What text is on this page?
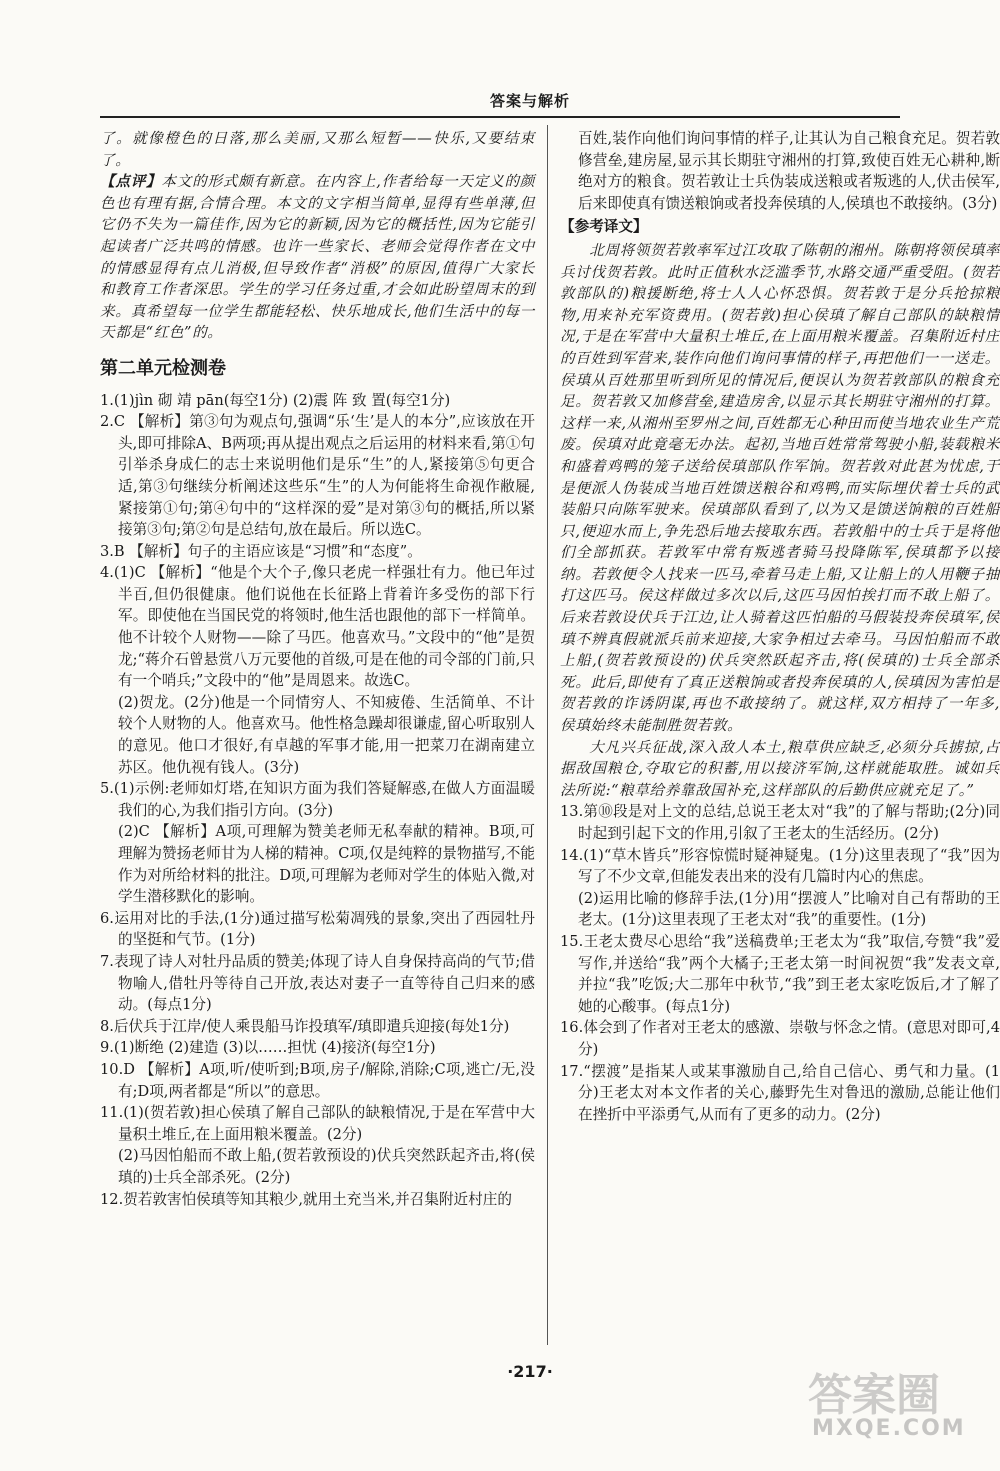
答案与解析

了。就像橙色的日落,那么美丽,又那么短暂——快乐,又要结束了。

【点评】本文的形式颇有新意。在内容上,作者给每一天定义的颜色也有理有据,合情合理。本文的文字相当简单,显得有些单薄,但它仍不失为一篇佳作,因为它的新颖,因为它的概括性,因为它能引起读者广泛共鸣的情感。也许一些家长、老师会觉得作者在文中的情感显得有点儿消极,但导致作者“消极”的原因,值得广大家长和教育工作者深思。学生的学习任务过重,才会如此盼望周末的到来。真希望每一位学生都能轻松、快乐地成长,他们生活中的每一天都是“红色”的。

第二单元检测卷

1.(1)jìn 砌 靖 pān(每空1分) (2)震 阵 致 置(每空1分)

2.C 【解析】第③句为观点句,强调“乐‘生’是人的本分”,应该放在开头,即可排除A、B两项;再从提出观点之后运用的材料来看,第①句引举杀身成仁的志士来说明他们是乐“生”的人,紧接第⑤句更合适,第③句继续分析阐述这些乐“生”的人为何能将生命视作敝屣,紧接第①句;第④句中的“这样深的爱”是对第③句的概括,所以紧接第③句;第②句是总结句,放在最后。所以选C。

3.B 【解析】句子的主语应该是“习惯”和“态度”。

4.(1)C 【解析】“他是个大个子,像只老虎一样强壮有力。他已年过半百,但仍很健康。他们说他在长征路上背着许多受伤的部下行军。即使他在当国民党的将领时,他生活也跟他的部下一样简单。他不计较个人财物——除了马匹。他喜欢马。”文段中的“他”是贺龙;“蒋介石曾悬赏八万元要他的首级,可是在他的司令部的门前,只有一个哨兵;”文段中的“他”是周恩来。故选C。

(2)贺龙。(2分)他是一个同情穷人、不知疲倦、生活简单、不计较个人财物的人。他喜欢马。他性格急躁却很谦虚,留心听取别人的意见。他口才很好,有卓越的军事才能,用一把菜刀在湖南建立苏区。他仇视有钱人。(3分)

5.(1)示例:老师如灯塔,在知识方面为我们答疑解惑,在做人方面温暖我们的心,为我们指引方向。(3分)

(2)C 【解析】A项,可理解为赞美老师无私奉献的精神。B项,可理解为赞扬老师甘为人梯的精神。C项,仅是纯粹的景物描写,不能作为对所给材料的批注。D项,可理解为老师对学生的体贴入微,对学生潜移默化的影响。

6.运用对比的手法,(1分)通过描写松菊凋残的景象,突出了西园牡丹的坚挺和气节。(1分)

7.表现了诗人对牡丹品质的赞美;体现了诗人自身保持高尚的气节;借物喻人,借牡丹等待自己开放,表达对妻子一直等待自己归来的感动。(每点1分)

8.后伏兵于江岸/使人乘畏船马诈投瑱军/瑱即遣兵迎接(每处1分)

9.(1)断绝 (2)建造 (3)以……担忧 (4)接济(每空1分)

10.D 【解析】A项,听/使听到;B项,房子/解除,消除;C项,逃亡/无,没有;D项,两者都是“所以”的意思。

11.(1)(贺若敦)担心侯瑱了解自己部队的缺粮情况,于是在军营中大量积土堆丘,在上面用粮米覆盖。(2分)

(2)马因怕船而不敢上船,(贺若敦预设的)伏兵突然跃起齐击,将(侯瑱的)士兵全部杀死。(2分)

12.贺若敦害怕侯瑱等知其粮少,就用土充当米,并召集附近村庄的

百姓,装作向他们询问事情的样子,让其认为自己粮食充足。贺若敦修营垒,建房屋,显示其长期驻守湘州的打算,致使百姓无心耕种,断绝对方的粮食。贺若敦让士兵伪装成送粮或者叛逃的人,伏击侯军,后来即使真有馈送粮饷或者投奔侯瑱的人,侯瑱也不敢接纳。(3分)

【参考译文】

北周将领贺若敦率军过江攻取了陈朝的湘州。陈朝将领侯瑱率兵讨伐贺若敦。此时正值秋水泛滥季节,水路交通严重受阻。(贺若敦部队的)粮援断绝,将士人人心怀恐惧。贺若敦于是分兵抢掠粮物,用来补充军资费用。(贺若敦)担心侯瑱了解自己部队的缺粮情况,于是在军营中大量积土堆丘,在上面用粮米覆盖。召集附近村庄的百姓到军营来,装作向他们询问事情的样子,再把他们一一送走。侯瑱从百姓那里听到所见的情况后,便误认为贺若敦部队的粮食充足。贺若敦又加修营垒,建造房舍,以显示其长期驻守湘州的打算。这样一来,从湘州至罗州之间,百姓都无心种田而使当地农业生产荒废。侯瑱对此竟毫无办法。起初,当地百姓常常驾驶小船,装载粮米和盛着鸡鸭的笼子送给侯瑱部队作军饷。贺若敦对此甚为忧虑,于是便派人伪装成当地百姓馈送粮谷和鸡鸭,而实际埋伏着士兵的武装船只向陈军驶来。侯瑱部队看到了,以为又是馈送饷粮的百姓船只,便迎水而上,争先恐后地去接取东西。若敦船中的士兵于是将他们全部抓获。若敦军中常有叛逃者骑马投降陈军,侯瑱都予以接纳。若敦便令人找来一匹马,牵着马走上船,又让船上的人用鞭子抽打这匹马。侯这样做过多次以后,这匹马因怕挨打而不敢上船了。后来若敦设伏兵于江边,让人骑着这匹怕船的马假装投奔侯瑱军,侯瑱不辨真假就派兵前来迎接,大家争相过去牵马。马因怕船而不敢上船,(贺若敦预设的)伏兵突然跃起齐击,将(侯瑱的)士兵全部杀死。此后,即使有了真正送粮饷或者投奔侯瑱的人,侯瑱因为害怕是贺若敦的诈诱阴谋,再也不敢接纳了。就这样,双方相持了一年多,侯瑱始终未能制胜贺若敦。

大凡兴兵征战,深入敌人本土,粮草供应缺乏,必须分兵掳掠,占据敌国粮仓,夺取它的积蓄,用以接济军饷,这样就能取胜。诚如兵法所说:“粮草给养靠敌国补充,这样部队的后勤供应就充足了。”

13.第⑩段是对上文的总结,总说王老太对“我”的了解与帮助;(2分)同时起到引起下文的作用,引叙了王老太的生活经历。(2分)

14.(1)“草木皆兵”形容惊慌时疑神疑鬼。(1分)这里表现了“我”因为写了不少文章,但能发表出来的没有几篇时内心的焦虑。

(2)运用比喻的修辞手法,(1分)用“摆渡人”比喻对自己有帮助的王老太。(1分)这里表现了王老太对“我”的重要性。(1分)

15.王老太费尽心思给“我”送稿费单;王老太为“我”取信,夸赞“我”爱写作,并送给“我”两个大橘子;王老太第一时间祝贺“我”发表文章,并拉“我”吃饭;大二那年中秋节,“我”到王老太家吃饭后,才了解了她的心酸事。(每点1分)

16.体会到了作者对王老太的感激、崇敬与怀念之情。(意思对即可,4分)

17.“摆渡”是指某人或某事激励自己,给自己信心、勇气和力量。(1分)王老太对本文作者的关心,藤野先生对鲁迅的激励,总能让他们在挫折中平添勇气,从而有了更多的动力。(2分)

·217·	答案圈
MXQE.COM
